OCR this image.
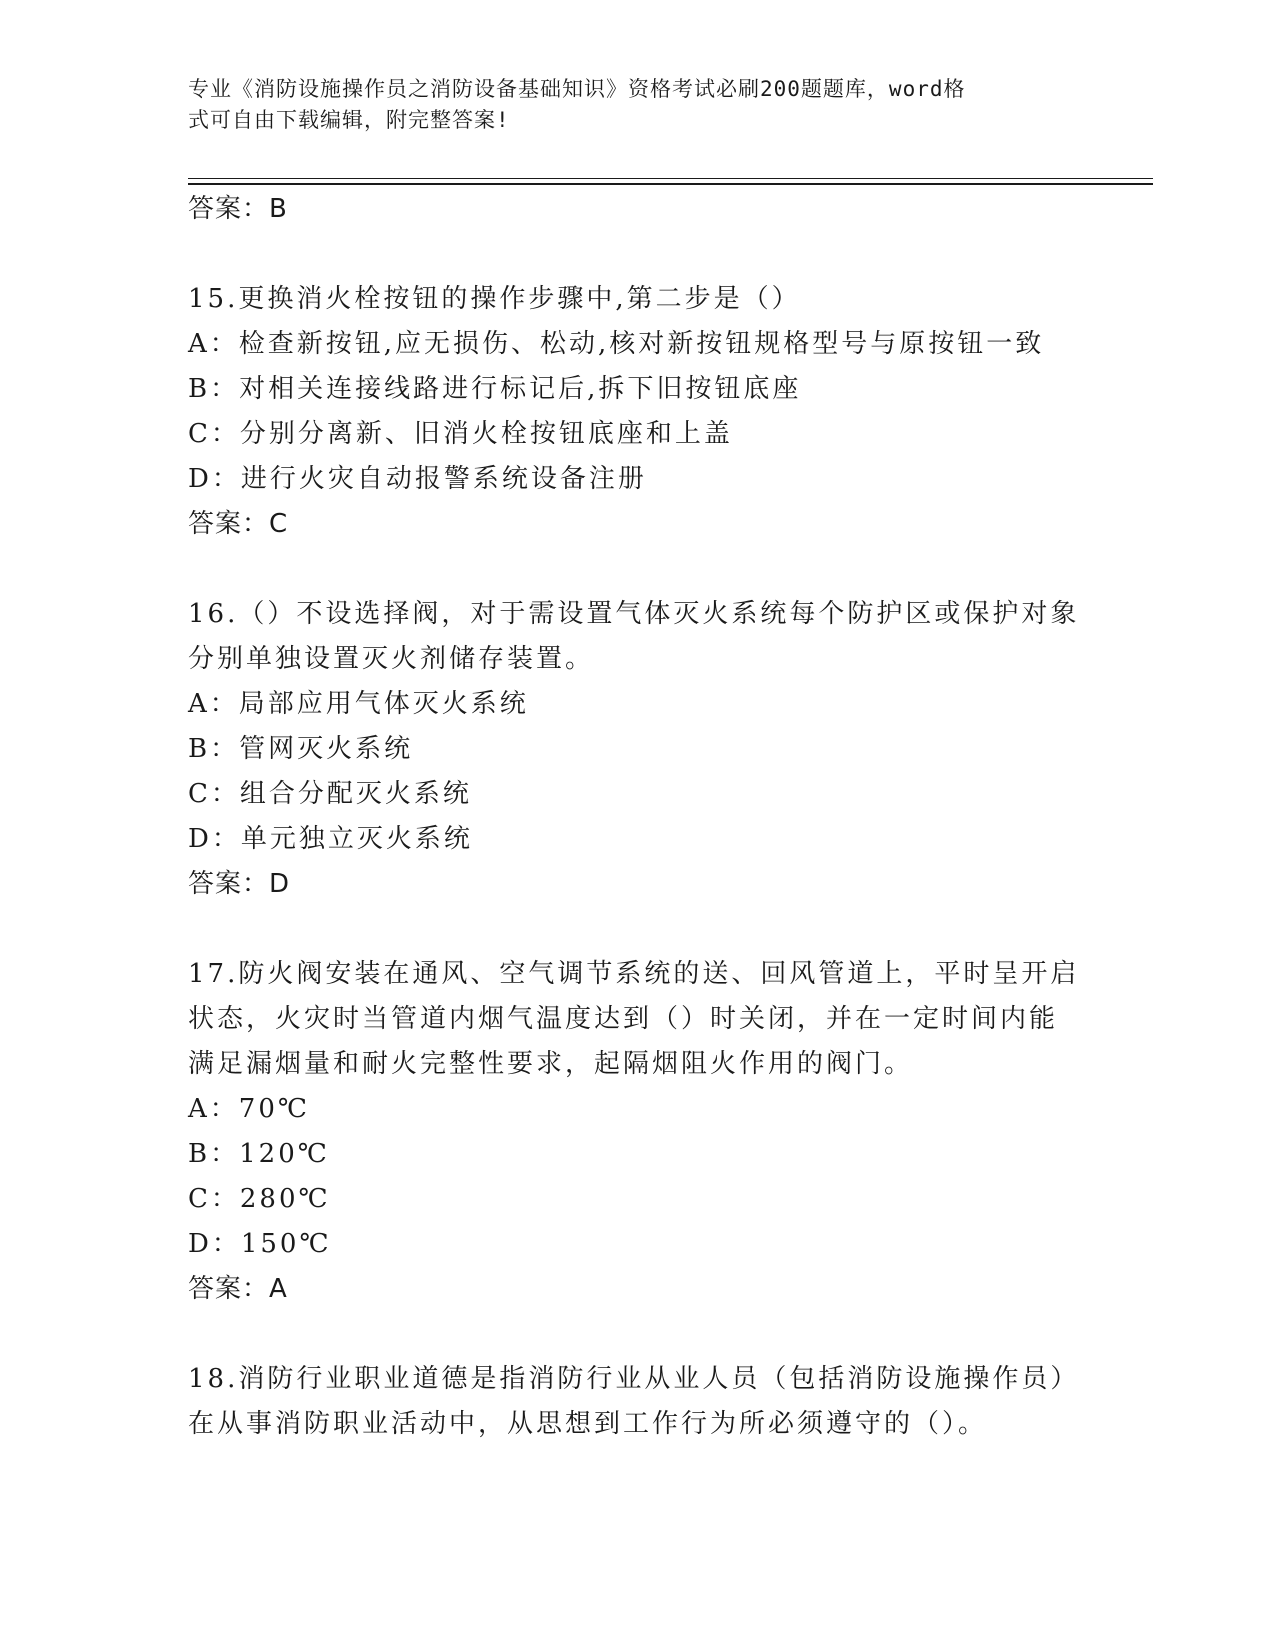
专业《消防设施操作员之消防设备基础知识》资格考试必刷200题题库，word格
式可自由下载编辑，附完整答案!

答案：B

15.更换消火栓按钮的操作步骤中,第二步是（）

A：检查新按钮,应无损伤、松动,核对新按钮规格型号与原按钮一致

B：对相关连接线路进行标记后,拆下旧按钮底座

C：分别分离新、旧消火栓按钮底座和上盖

D：进行火灾自动报警系统设备注册

答案：C

16.（）不设选择阀，对于需设置气体灭火系统每个防护区或保护对象

分别单独设置灭火剂储存装置。

A：局部应用气体灭火系统

B：管网灭火系统

C：组合分配灭火系统

D：单元独立灭火系统

答案：D

17.防火阀安装在通风、空气调节系统的送、回风管道上，平时呈开启

状态，火灾时当管道内烟气温度达到（）时关闭，并在一定时间内能

满足漏烟量和耐火完整性要求，起隔烟阻火作用的阀门。

A：70℃

B：120℃

C：280℃

D：150℃

答案：A

18.消防行业职业道德是指消防行业从业人员（包括消防设施操作员）

在从事消防职业活动中，从思想到工作行为所必须遵守的（）。
